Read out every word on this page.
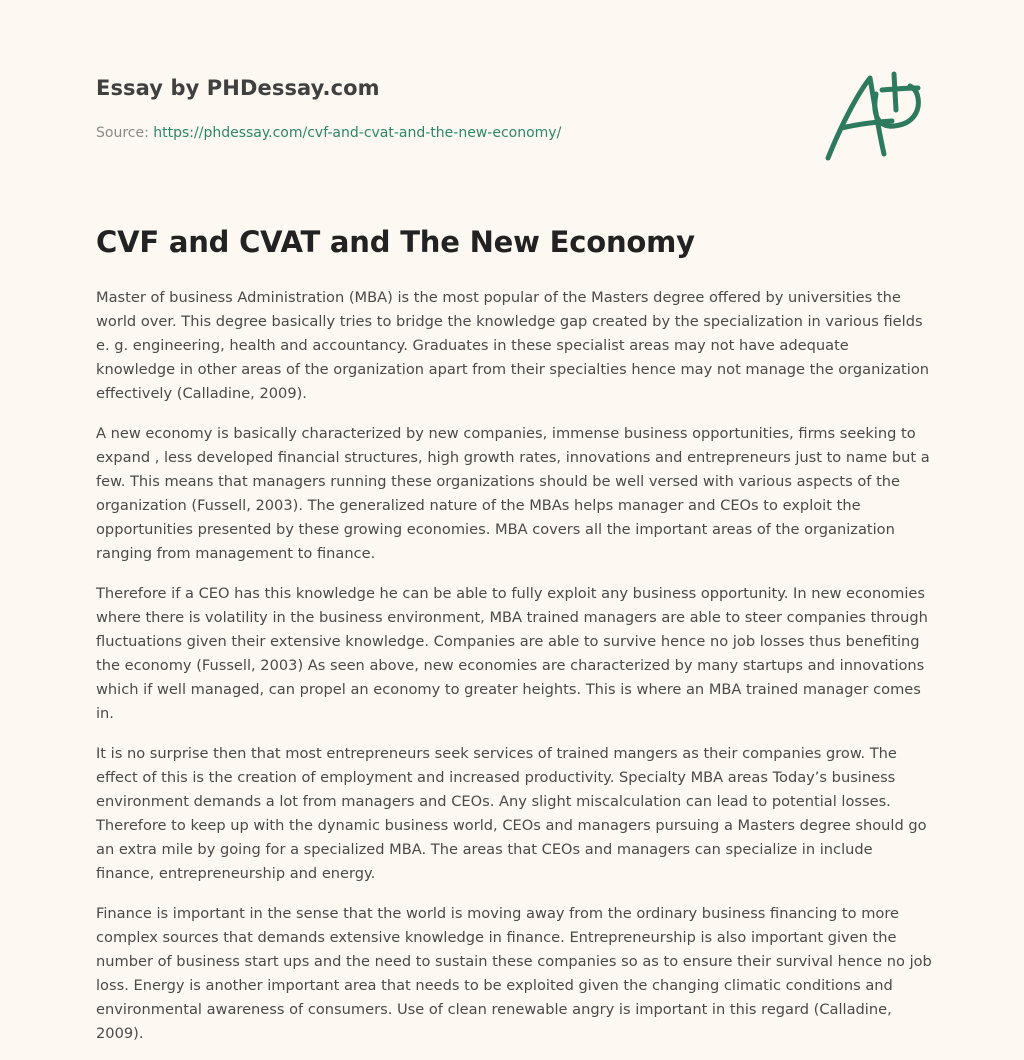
Essay by PHDessay.com

Source: https://phdessay.com/cvf-and-cvat-and-the-new-economy/

CVF and CVAT and The New Economy

Master of business Administration (MBA) is the most popular of the Masters degree offered by universities the world over. This degree basically tries to bridge the knowledge gap created by the specialization in various fields e. g. engineering, health and accountancy. Graduates in these specialist areas may not have adequate knowledge in other areas of the organization apart from their specialties hence may not manage the organization effectively (Calladine, 2009).

A new economy is basically characterized by new companies, immense business opportunities, firms seeking to expand , less developed financial structures, high growth rates, innovations and entrepreneurs just to name but a few. This means that managers running these organizations should be well versed with various aspects of the organization (Fussell, 2003). The generalized nature of the MBAs helps manager and CEOs to exploit the opportunities presented by these growing economies. MBA covers all the important areas of the organization ranging from management to finance.

Therefore if a CEO has this knowledge he can be able to fully exploit any business opportunity. In new economies where there is volatility in the business environment, MBA trained managers are able to steer companies through fluctuations given their extensive knowledge. Companies are able to survive hence no job losses thus benefiting the economy (Fussell, 2003) As seen above, new economies are characterized by many startups and innovations which if well managed, can propel an economy to greater heights. This is where an MBA trained manager comes in.

It is no surprise then that most entrepreneurs seek services of trained mangers as their companies grow. The effect of this is the creation of employment and increased productivity. Specialty MBA areas Today’s business environment demands a lot from managers and CEOs. Any slight miscalculation can lead to potential losses. Therefore to keep up with the dynamic business world, CEOs and managers pursuing a Masters degree should go an extra mile by going for a specialized MBA. The areas that CEOs and managers can specialize in include finance, entrepreneurship and energy.

Finance is important in the sense that the world is moving away from the ordinary business financing to more complex sources that demands extensive knowledge in finance. Entrepreneurship is also important given the number of business start ups and the need to sustain these companies so as to ensure their survival hence no job loss. Energy is another important area that needs to be exploited given the changing climatic conditions and environmental awareness of consumers. Use of clean renewable angry is important in this regard (Calladine, 2009).
